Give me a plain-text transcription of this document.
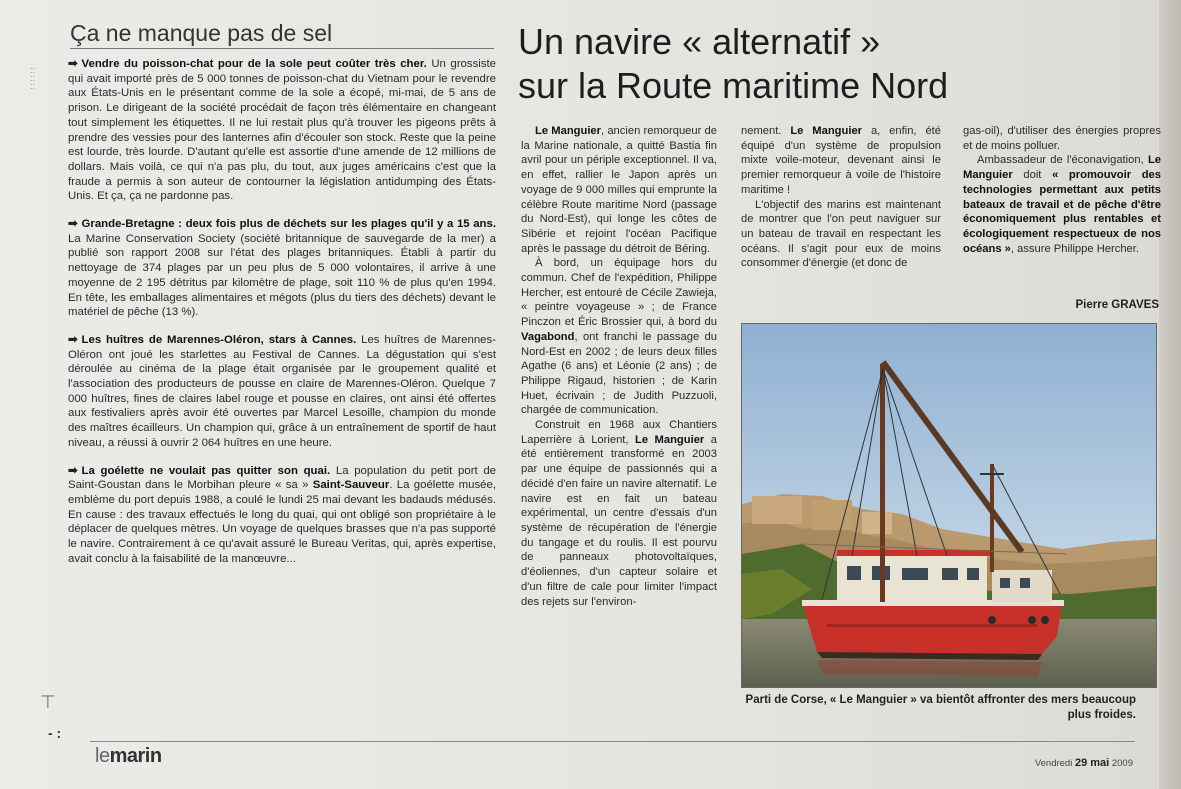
::
::
::
⊤
- :
Ça ne manque pas de sel

➡ Vendre du poisson-chat pour de la sole peut coûter très cher. Un grossiste qui avait importé près de 5 000 tonnes de poisson-chat du Vietnam pour le revendre aux États-Unis en le présentant comme de la sole a écopé, mi-mai, de 5 ans de prison. Le dirigeant de la société procédait de façon très élémentaire en changeant tout simplement les étiquettes. Il ne lui restait plus qu'à trouver les pigeons prêts à prendre des vessies pour des lanternes afin d'écouler son stock. Reste que la peine est lourde, très lourde. D'autant qu'elle est assortie d'une amende de 12 millions de dollars. Mais voilà, ce qui n'a pas plu, du tout, aux juges américains c'est que la fraude a permis à son auteur de contourner la législation antidumping des États-Unis. Et ça, ça ne pardonne pas.

➡ Grande-Bretagne : deux fois plus de déchets sur les plages qu'il y a 15 ans. La Marine Conservation Society (société britannique de sauvegarde de la mer) a publié son rapport 2008 sur l'état des plages britanniques. Établi à partir du nettoyage de 374 plages par un peu plus de 5 000 volontaires, il arrive à une moyenne de 2 195 détritus par kilomètre de plage, soit 110 % de plus qu'en 1994. En tête, les emballages alimentaires et mégots (plus du tiers des déchets) devant le matériel de pêche (13 %).

➡ Les huîtres de Marennes-Oléron, stars à Cannes. Les huîtres de Marennes-Oléron ont joué les starlettes au Festival de Cannes. La dégustation qui s'est déroulée au cinéma de la plage était organisée par le groupement qualité et l'association des producteurs de pousse en claire de Marennes-Oléron. Quelque 7 000 huîtres, fines de claires label rouge et pousse en claires, ont ainsi été offertes aux festivaliers après avoir été ouvertes par Marcel Lesoille, champion du monde des maîtres écailleurs. Un champion qui, grâce à un entraînement de sportif de haut niveau, a réussi à ouvrir 2 064 huîtres en une heure.

➡ La goélette ne voulait pas quitter son quai. La population du petit port de Saint-Goustan dans le Morbihan pleure « sa » Saint-Sauveur. La goélette musée, emblème du port depuis 1988, a coulé le lundi 25 mai devant les badauds médusés. En cause : des travaux effectués le long du quai, qui ont obligé son propriétaire à le déplacer de quelques mètres. Un voyage de quelques brasses que n'a pas supporté le navire. Contrairement à ce qu'avait assuré le Bureau Veritas, qui, après expertise, avait conclu à la faisabilité de la manœuvre...

Un navire « alternatif »
sur la Route maritime Nord

Le Manguier, ancien remorqueur de la Marine nationale, a quitté Bastia fin avril pour un périple exceptionnel. Il va, en effet, rallier le Japon après un voyage de 9 000 milles qui emprunte la célèbre Route maritime Nord (passage du Nord-Est), qui longe les côtes de Sibérie et rejoint l'océan Pacifique après le passage du détroit de Béring.

À bord, un équipage hors du commun. Chef de l'expédition, Philippe Hercher, est entouré de Cécile Zawieja, « peintre voyageuse » ; de France Pinczon et Éric Brossier qui, à bord du Vagabond, ont franchi le passage du Nord-Est en 2002 ; de leurs deux filles Agathe (6 ans) et Léonie (2 ans) ; de Philippe Rigaud, historien ; de Karin Huet, écrivain ; de Judith Puzzuoli, chargée de communication.

Construit en 1968 aux Chantiers Laperrière à Lorient, Le Manguier a été entièrement transformé en 2003 par une équipe de passionnés qui a décidé d'en faire un navire alternatif. Le navire est en fait un bateau expérimental, un centre d'essais d'un système de récupération de l'énergie du tangage et du roulis. Il est pourvu de panneaux photovoltaïques, d'éoliennes, d'un capteur solaire et d'un filtre de cale pour limiter l'impact des rejets sur l'environ-

nement. Le Manguier a, enfin, été équipé d'un système de propulsion mixte voile-moteur, devenant ainsi le premier remorqueur à voile de l'histoire maritime !

L'objectif des marins est maintenant de montrer que l'on peut naviguer sur un bateau de travail en respectant les océans. Il s'agit pour eux de moins consommer d'énergie (et donc de

gas-oil), d'utiliser des énergies propres et de moins polluer.

Ambassadeur de l'éconavigation, Le Manguier doit « promouvoir des technologies permettant aux petits bateaux de travail et de pêche d'être économiquement plus rentables et écologiquement respectueux de nos océans », assure Philippe Hercher.

Pierre GRAVES
Parti de Corse, « Le Manguier » va bientôt affronter des mers beaucoup plus froides.
lemarin	Vendredi 29 mai 2009
